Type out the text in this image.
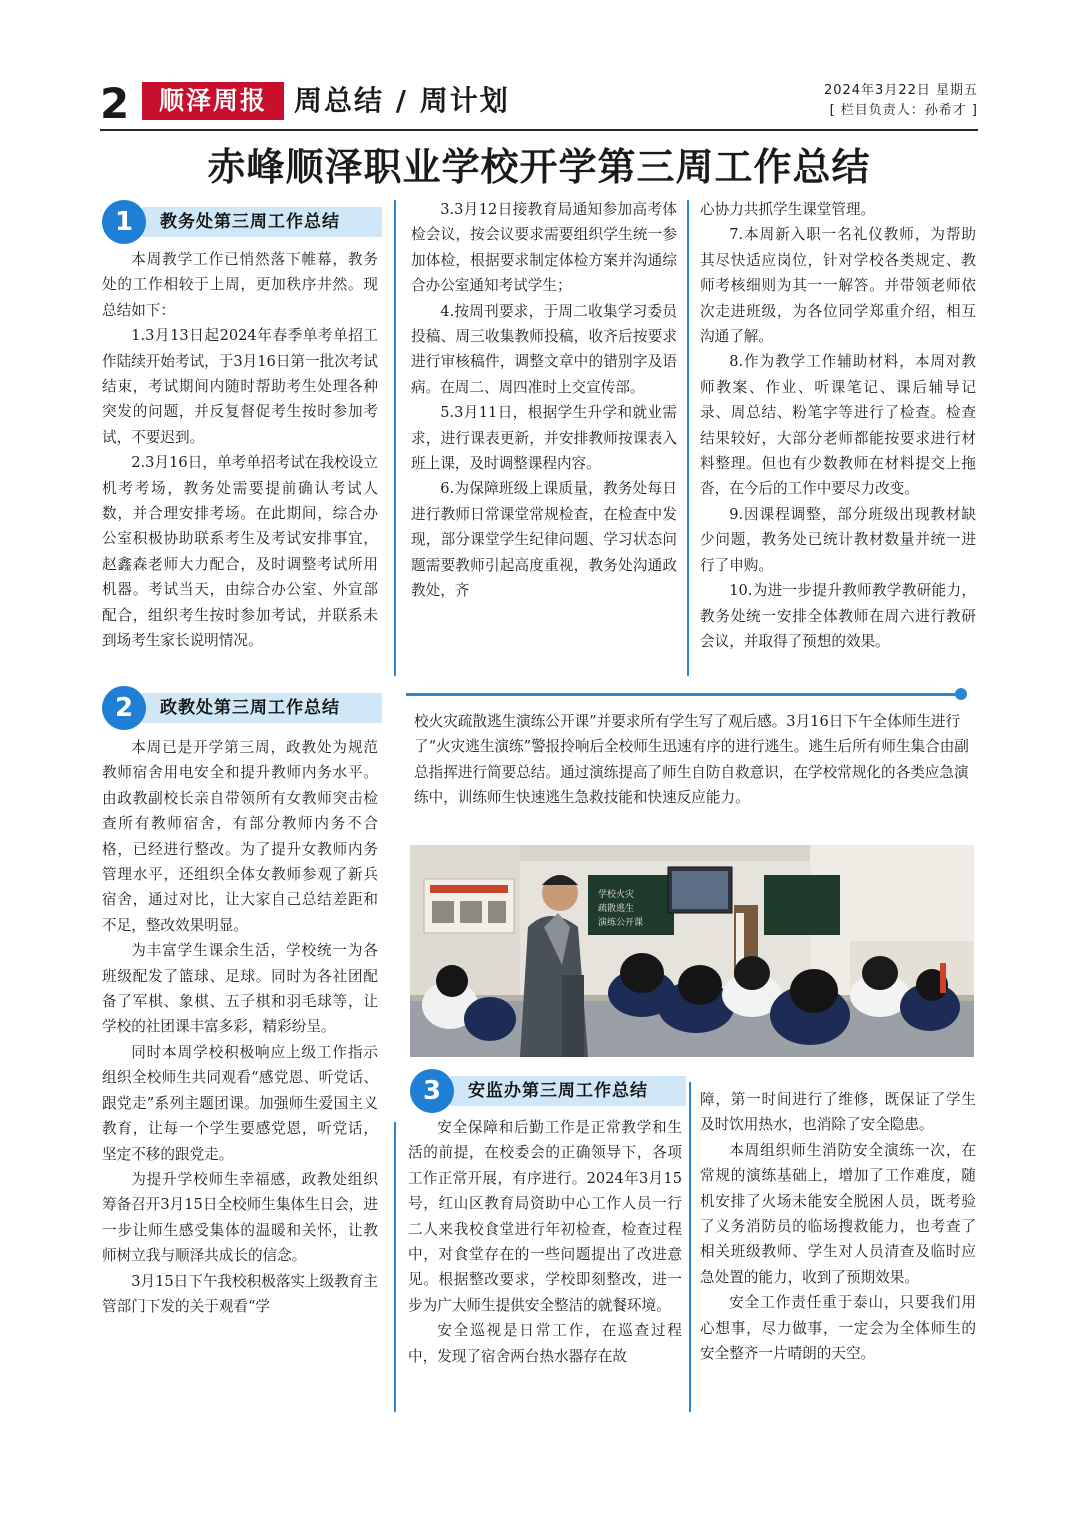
2	顺泽周报 周总结 / 周计划	2024年3月22日 星期五
[ 栏目负责人：孙希才 ]
赤峰顺泽职业学校开学第三周工作总结
教务处第三周工作总结
1

本周教学工作已悄然落下帷幕，教务处的工作相较于上周，更加秩序井然。现总结如下：

1.3月13日起2024年春季单考单招工作陆续开始考试，于3月16日第一批次考试结束，考试期间内随时帮助考生处理各种突发的问题，并反复督促考生按时参加考试，不要迟到。

2.3月16日，单考单招考试在我校设立机考考场，教务处需要提前确认考试人数，并合理安排考场。在此期间，综合办公室积极协助联系考生及考试安排事宜，赵鑫森老师大力配合，及时调整考试所用机器。考试当天，由综合办公室、外宣部配合，组织考生按时参加考试，并联系未到场考生家长说明情况。

3.3月12日接教育局通知参加高考体检会议，按会议要求需要组织学生统一参加体检，根据要求制定体检方案并沟通综合办公室通知考试学生；

4.按周刊要求，于周二收集学习委员投稿、周三收集教师投稿，收齐后按要求进行审核稿件，调整文章中的错别字及语病。在周二、周四准时上交宣传部。

5.3月11日，根据学生升学和就业需求，进行课表更新，并安排教师按课表入班上课，及时调整课程内容。

6.为保障班级上课质量，教务处每日进行教师日常课堂常规检查，在检查中发现，部分课堂学生纪律问题、学习状态问题需要教师引起高度重视，教务处沟通政教处，齐

心协力共抓学生课堂管理。

7.本周新入职一名礼仪教师，为帮助其尽快适应岗位，针对学校各类规定、教师考核细则为其一一解答。并带领老师依次走进班级，为各位同学郑重介绍，相互沟通了解。

8.作为教学工作辅助材料，本周对教师教案、作业、听课笔记、课后辅导记录、周总结、粉笔字等进行了检查。检查结果较好，大部分老师都能按要求进行材料整理。但也有少数教师在材料提交上拖沓，在今后的工作中要尽力改变。

9.因课程调整，部分班级出现教材缺少问题，教务处已统计教材数量并统一进行了申购。

10.为进一步提升教师教学教研能力，教务处统一安排全体教师在周六进行教研会议，并取得了预想的效果。

政教处第三周工作总结
2

本周已是开学第三周，政教处为规范教师宿舍用电安全和提升教师内务水平。由政教副校长亲自带领所有女教师突击检查所有教师宿舍，有部分教师内务不合格，已经进行整改。为了提升女教师内务管理水平，还组织全体女教师参观了新兵宿舍，通过对比，让大家自己总结差距和不足，整改效果明显。

为丰富学生课余生活，学校统一为各班级配发了篮球、足球。同时为各社团配备了军棋、象棋、五子棋和羽毛球等，让学校的社团课丰富多彩，精彩纷呈。

同时本周学校积极响应上级工作指示组织全校师生共同观看“感党恩、听党话、跟党走”系列主题团课。加强师生爱国主义教育，让每一个学生要感党恩，听党话，坚定不移的跟党走。

为提升学校师生幸福感，政教处组织筹备召开3月15日全校师生集体生日会，进一步让师生感受集体的温暖和关怀，让教师树立我与顺泽共成长的信念。

3月15日下午我校积极落实上级教育主管部门下发的关于观看“学

校火灾疏散逃生演练公开课”并要求所有学生写了观后感。3月16日下午全体师生进行了“火灾逃生演练”警报拎响后全校师生迅速有序的进行逃生。逃生后所有师生集合由副总指挥进行简要总结。通过演练提高了师生自防自救意识，在学校常规化的各类应急演练中，训练师生快速逃生急救技能和快速反应能力。

学校火灾
疏散逃生
演练公开课
安监办第三周工作总结
3

安全保障和后勤工作是正常教学和生活的前提，在校委会的正确领导下，各项工作正常开展，有序进行。2024年3月15号，红山区教育局资助中心工作人员一行二人来我校食堂进行年初检查，检查过程中，对食堂存在的一些问题提出了改进意见。根据整改要求，学校即刻整改，进一步为广大师生提供安全整洁的就餐环境。

安全巡视是日常工作，在巡查过程中，发现了宿舍两台热水器存在故

障，第一时间进行了维修，既保证了学生及时饮用热水，也消除了安全隐患。

本周组织师生消防安全演练一次，在常规的演练基础上，增加了工作难度，随机安排了火场未能安全脱困人员，既考验了义务消防员的临场搜救能力，也考查了相关班级教师、学生对人员清查及临时应急处置的能力，收到了预期效果。

安全工作责任重于泰山，只要我们用心想事，尽力做事，一定会为全体师生的安全整齐一片晴朗的天空。
